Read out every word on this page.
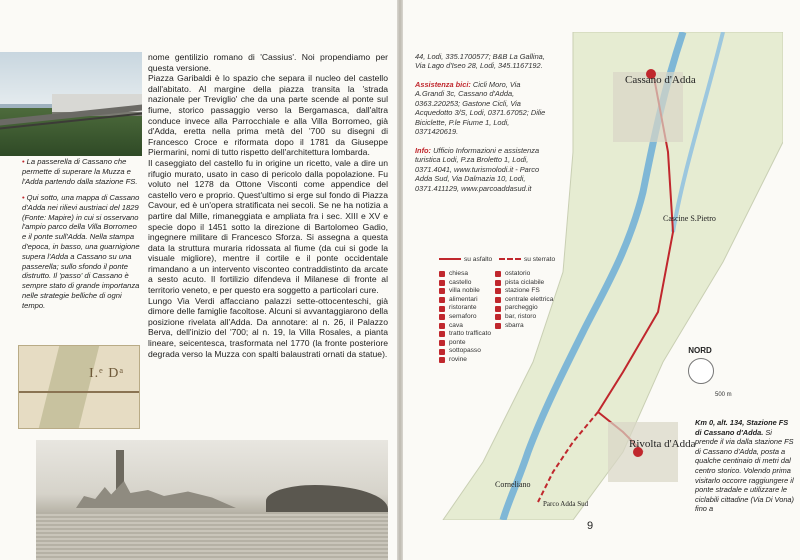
• La passerella di Cassano che permette di superare la Muzza e l'Adda partendo dalla stazione FS.
• Qui sotto, una mappa di Cassano d'Adda nei rilievi austriaci del 1829 (Fonte: Mapire) in cui si osservano l'ampio parco della Villa Borromeo e il ponte sull'Adda. Nella stampa d'epoca, in basso, una guarnigione supera l'Adda a Cassano su una passerella; sullo sfondo il ponte distrutto. Il 'passo' di Cassano è sempre stato di grande importanza nelle strategie belliche di ogni tempo.
I.ᵉ Dᵃ

nome gentilizio romano di 'Cassius'. Noi propendiamo per questa versione.

Piazza Garibaldi è lo spazio che separa il nucleo del castello dall'abitato. Al margine della piazza transita la 'strada nazionale per Treviglio' che da una parte scende al ponte sul fiume, storico passaggio verso la Bergamasca, dall'altra conduce invece alla Parrocchiale e alla Villa Borromeo, già d'Adda, eretta nella prima metà del '700 su disegni di Francesco Croce e riformata dopo il 1781 da Giuseppe Piermarini, nomi di tutto rispetto dell'architettura lombarda.

Il caseggiato del castello fu in origine un ricetto, vale a dire un rifugio murato, usato in caso di pericolo dalla popolazione. Fu voluto nel 1278 da Ottone Visconti come appendice del castello vero e proprio. Quest'ultimo si erge sul fondo di Piazza Cavour, ed è un'opera stratificata nei secoli. Se ne ha notizia a partire dal Mille, rimaneggiata e ampliata fra i sec. XIII e XV e specie dopo il 1451 sotto la direzione di Bartolomeo Gadio, ingegnere militare di Francesco Sforza. Si assegna a questa data la struttura muraria ridossata al fiume (da cui si gode la visuale migliore), mentre il cortile e il ponte occidentale rimandano a un intervento visconteo contraddistinto da arcate a sesto acuto. Il fortilizio difendeva il Milanese di fronte al territorio veneto, e per questo era soggetto a particolari cure.

Lungo Via Verdi affacciano palazzi sette-ottocenteschi, già dimore delle famiglie facoltose. Alcuni si avvantaggiarono della posizione rivelata all'Adda. Da annotare: al n. 26, il Palazzo Berva, dell'inizio del '700; al n. 19, la Villa Rosales, a pianta lineare, seicentesca, trasformata nel 1770 (la fronte posteriore degrada verso la Muzza con spalti balaustrati ornati da statue).

Cassano d'Adda
Cascine S.Pietro
Rivolta d'Adda
Corneliano
Parco Adda Sud
44, Lodi, 335.1700577; B&B La Gallina, Via Lago d'Iseo 28, Lodi, 345.1167192.
Assistenza bici: Cicli Moro, Via A.Grandi 3c, Cassano d'Adda, 0363.220253; Gastone Cicli, Via Acquedotto 3/S, Lodi, 0371.67052; Dilie Biciclette, P.le Fiume 1, Lodi, 0371420619.
Info: Ufficio Informazioni e assistenza turistica Lodi, P.za Broletto 1, Lodi, 0371.4041, www.turismolodi.it - Parco Adda Sud, Via Dalmazia 10, Lodi, 0371.411129, www.parcoaddasud.it
su asfalto	su sterrato
chiesa
castello
villa nobile
alimentari
ristorante
semaforo
cava
tratto trafficato
ponte
sottopasso
rovine
ostatorio
pista ciclabile
stazione FS
centrale elettrica
parcheggio
bar, ristoro
sbarra
NORD
500 m
Km 0, alt. 134, Stazione FS di Cassano d'Adda. Si prende il via dalla stazione FS di Cassano d'Adda, posta a qualche centinaio di metri dal centro storico. Volendo prima visitarlo occorre raggiungere il ponte stradale e utilizzare le ciclabili cittadine (Via Di Vona) fino a
9
